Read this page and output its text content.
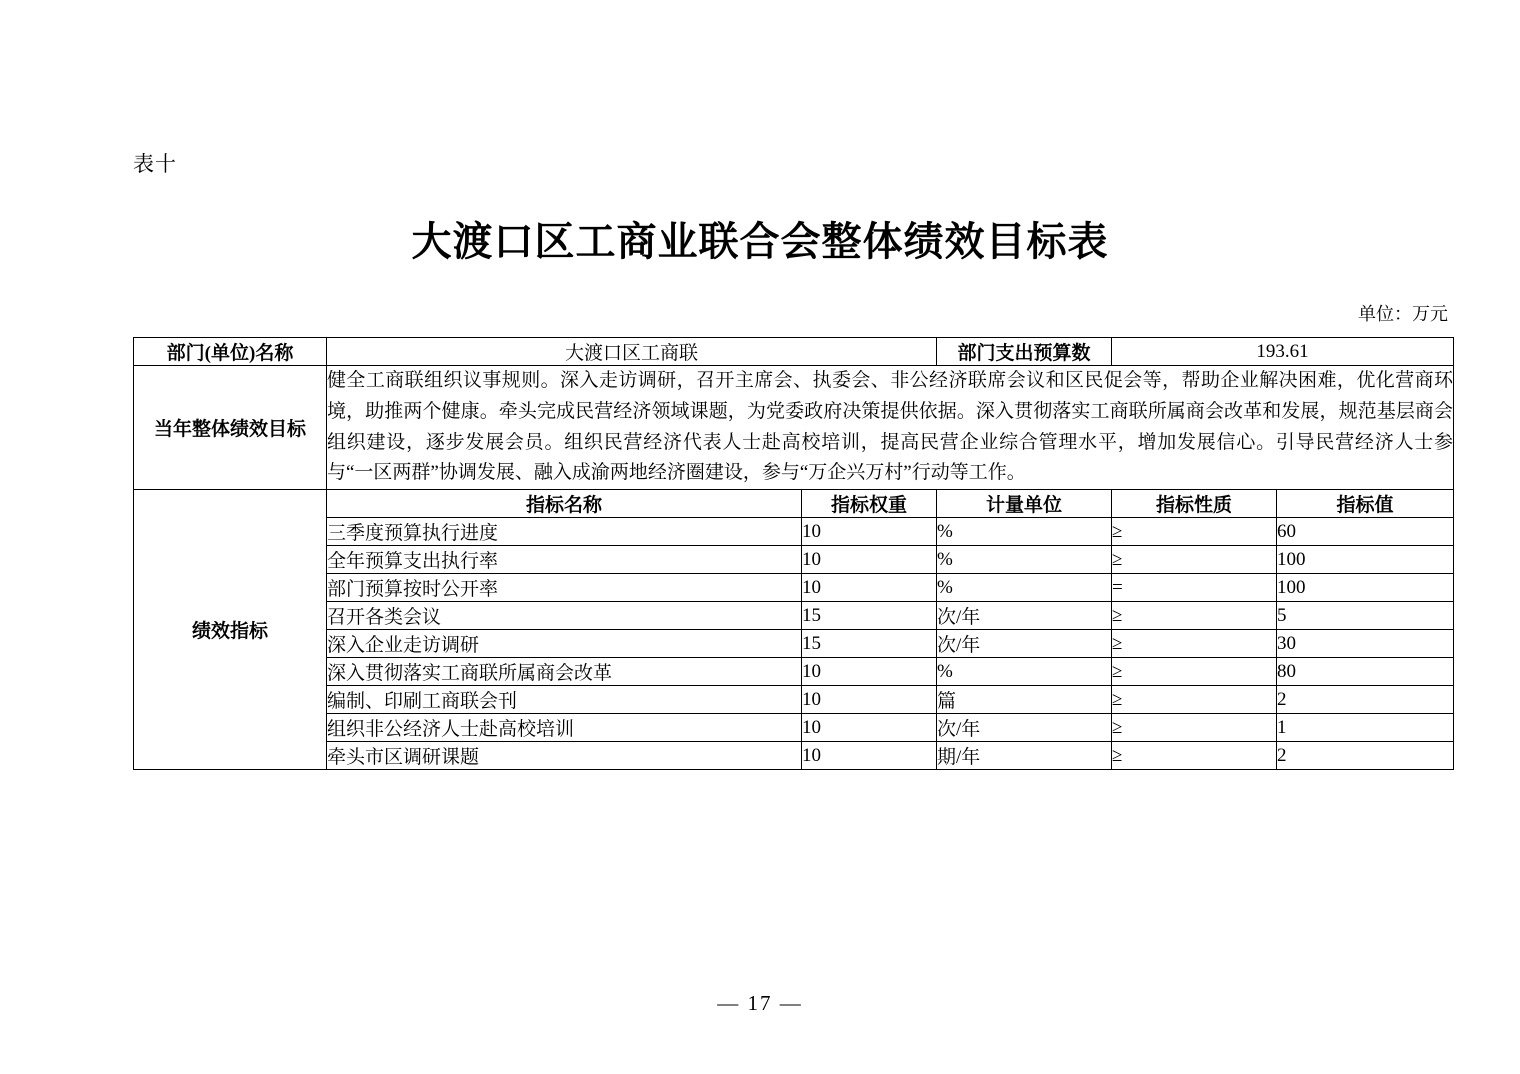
表十
大渡口区工商业联合会整体绩效目标表
单位：万元
部门(单位)名称	大渡口区工商联		部门支出预算数	193.61	
当年整体绩效目标	健全工商联组织议事规则。深入走访调研，召开主席会、执委会、非公经济联席会议和区民促会等，帮助企业解决困难，优化营商环境，助推两个健康。牵头完成民营经济领域课题，为党委政府决策提供依据。深入贯彻落实工商联所属商会改革和发展，规范基层商会组织建设，逐步发展会员。组织民营经济代表人士赴高校培训，提高民营企业综合管理水平，增加发展信心。引导民营经济人士参与“一区两群”协调发展、融入成渝两地经济圈建设，参与“万企兴万村”行动等工作。				

绩效指标	指标名称	指标权重	计量单位	指标性质	指标值
	三季度预算执行进度	10	%	≥	60
	全年预算支出执行率	10	%	≥	100
	部门预算按时公开率	10	%	=	100
	召开各类会议	15	次/年	≥	5
	深入企业走访调研	15	次/年	≥	30
	深入贯彻落实工商联所属商会改革	10	%	≥	80
	编制、印刷工商联会刊	10	篇	≥	2
	组织非公经济人士赴高校培训	10	次/年	≥	1
	牵头市区调研课题	10	期/年	≥	2
— 17 —
